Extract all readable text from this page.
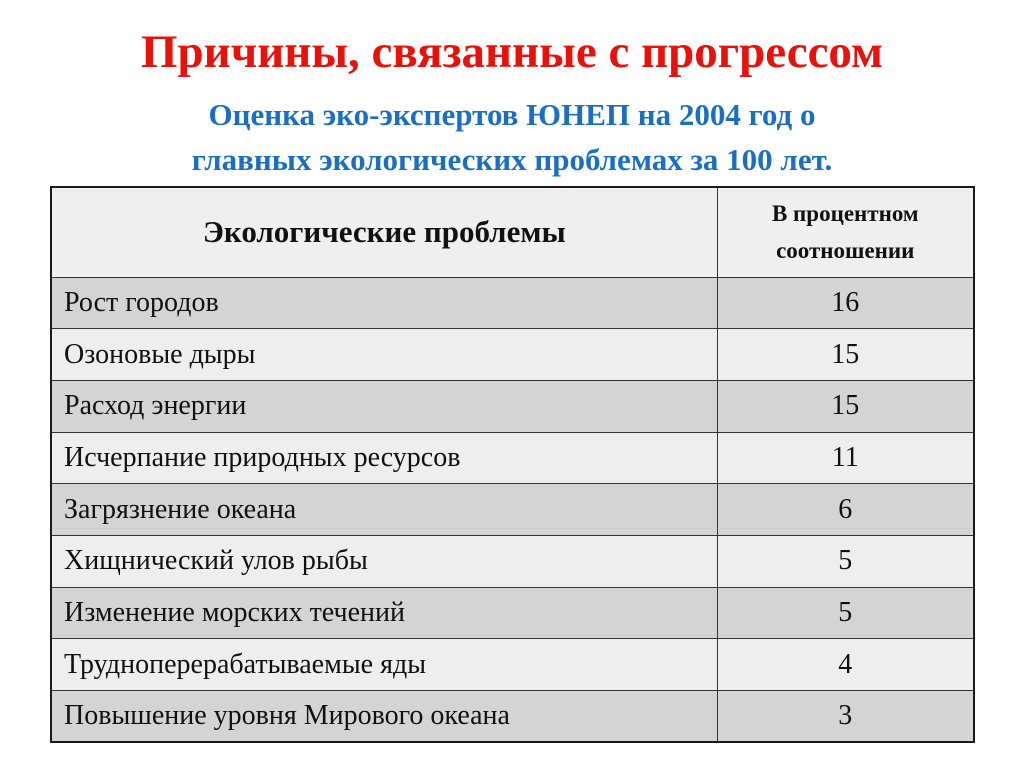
Причины, связанные с прогрессом
Оценка эко-экспертов ЮНЕП на 2004 год о
главных экологических проблемах за 100 лет.
Экологические проблемы	В процентном
соотношении

Рост городов	16
Озоновые дыры	15
Расход энергии	15
Исчерпание природных ресурсов	11
Загрязнение океана	6
Хищнический улов рыбы	5
Изменение морских течений	5
Труднoперерабатываемые яды	4
Повышение уровня Мирового океана	3
